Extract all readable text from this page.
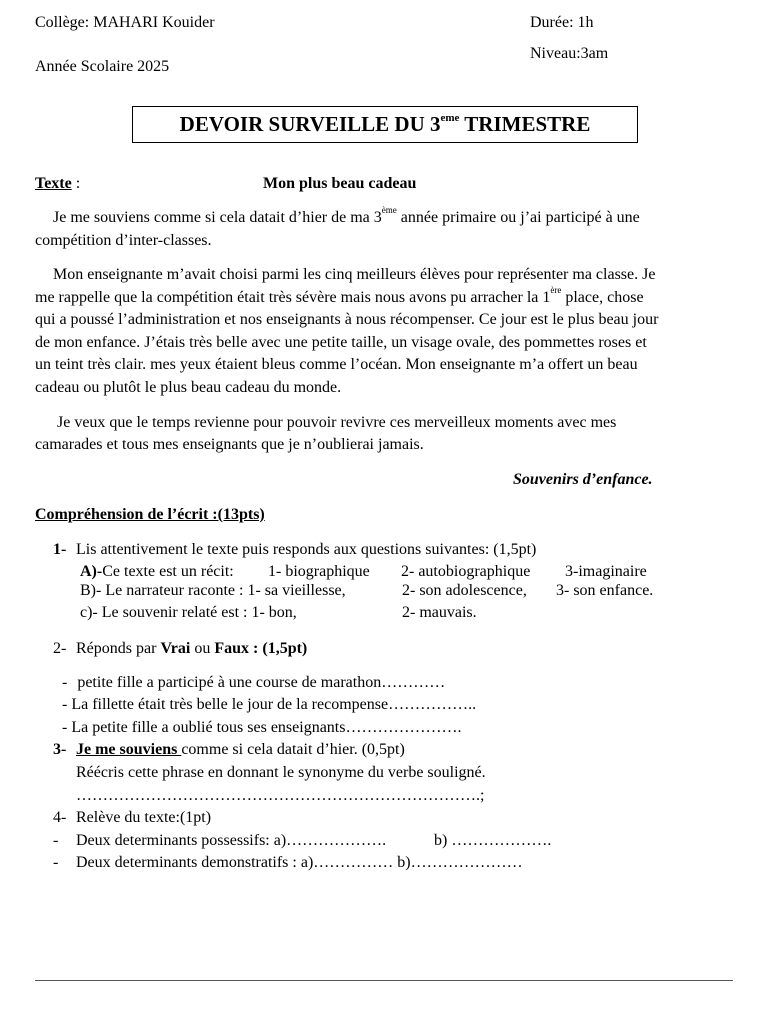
Collège: MAHARI Kouider
Année Scolaire 2025
Durée: 1h
Niveau:3am
DEVOIR SURVEILLE DU 3eme TRIMESTRE
Texte :	Mon plus beau cadeau
Je me souviens comme si cela datait d’hier de ma 3ème année primaire ou j’ai participé à une
compétition d’inter-classes.
Mon enseignante m’avait choisi parmi les cinq meilleurs élèves pour représenter ma classe. Je
me rappelle que la compétition était très sévère mais nous avons pu arracher la 1ère place, chose
qui a poussé l’administration et nos enseignants à nous récompenser. Ce jour est le plus beau jour
de mon enfance. J’étais très belle avec une petite taille, un visage ovale, des pommettes roses et
un teint très clair. mes yeux étaient bleus comme l’océan. Mon enseignante m’a offert un beau
cadeau ou plutôt le plus beau cadeau du monde.
Je veux que le temps revienne pour pouvoir revivre ces merveilleux moments avec mes
camarades et tous mes enseignants que je n’oublierai jamais.
Souvenirs d’enfance.
Compréhension de l’écrit :(13pts)
1- Lis attentivement le texte puis responds aux questions suivantes: (1,5pt)
A)-Ce texte est un récit: 1- biographique 2- autobiographique 3-imaginaire
B)- Le narrateur raconte : 1- sa vieillesse,	2- son adolescence, 3- son enfance.
c)- Le souvenir relaté est : 1- bon,	2- mauvais.
2- Réponds par Vrai ou Faux : (1,5pt)
- petite fille a participé à une course de marathon…………
- La fillette était très belle le jour de la recompense……………..
- La petite fille a oublié tous ses enseignants………………….
3- Je me souviens comme si cela datait d’hier. (0,5pt)
Réécris cette phrase en donnant le synonyme du verbe souligné.
………………………………………………………………….;
4- Relève du texte:(1pt)
- Deux determinants possessifs: a)……………….	b) ……………….
- Deux determinants demonstratifs : a)…………… b)…………………
